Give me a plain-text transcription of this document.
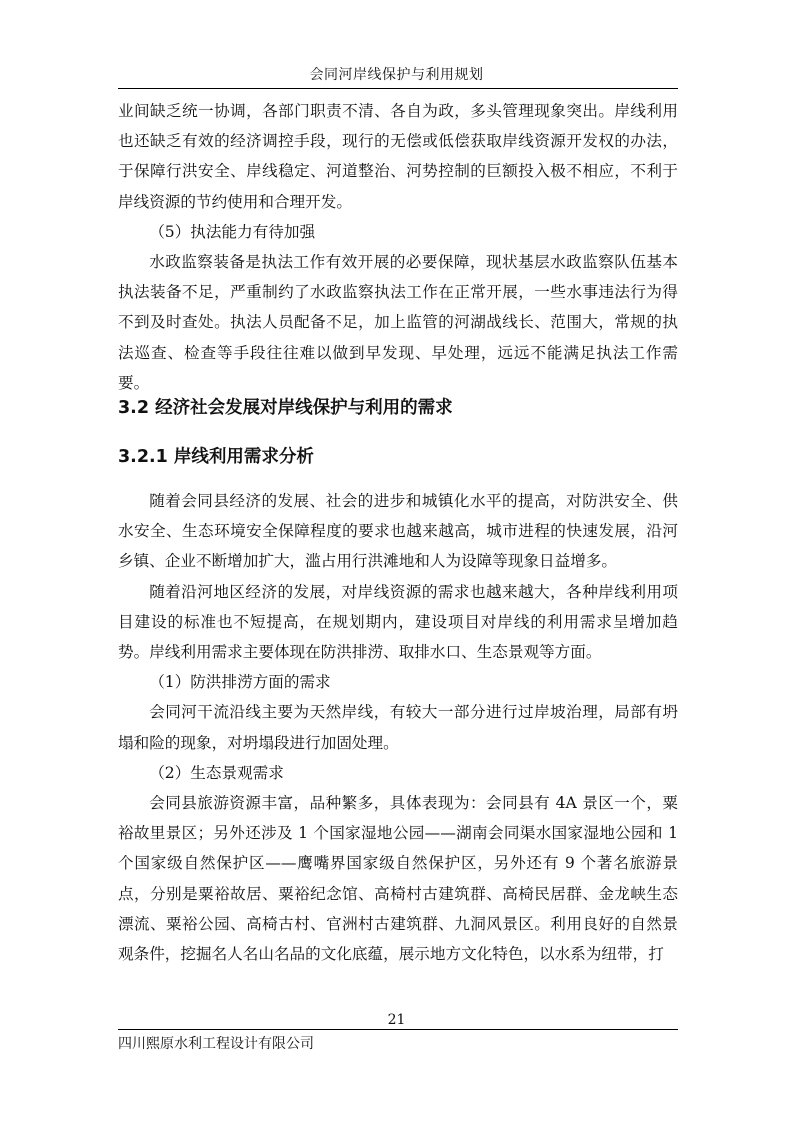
会同河岸线保护与利用规划

业间缺乏统一协调，各部门职责不清、各自为政，多头管理现象突出。岸线利用也还缺乏有效的经济调控手段，现行的无偿或低偿获取岸线资源开发权的办法，于保障行洪安全、岸线稳定、河道整治、河势控制的巨额投入极不相应，不利于岸线资源的节约使用和合理开发。

（5）执法能力有待加强

水政监察装备是执法工作有效开展的必要保障，现状基层水政监察队伍基本执法装备不足，严重制约了水政监察执法工作在正常开展，一些水事违法行为得不到及时查处。执法人员配备不足，加上监管的河湖战线长、范围大，常规的执法巡查、检查等手段往往难以做到早发现、早处理，远远不能满足执法工作需要。

3.2 经济社会发展对岸线保护与利用的需求
3.2.1 岸线利用需求分析

随着会同县经济的发展、社会的进步和城镇化水平的提高，对防洪安全、供水安全、生态环境安全保障程度的要求也越来越高，城市进程的快速发展，沿河乡镇、企业不断增加扩大，滥占用行洪滩地和人为设障等现象日益增多。

随着沿河地区经济的发展，对岸线资源的需求也越来越大，各种岸线利用项目建设的标准也不短提高，在规划期内，建设项目对岸线的利用需求呈增加趋势。岸线利用需求主要体现在防洪排涝、取排水口、生态景观等方面。

（1）防洪排涝方面的需求

会同河干流沿线主要为天然岸线，有较大一部分进行过岸坡治理，局部有坍塌和险的现象，对坍塌段进行加固处理。

（2）生态景观需求

会同县旅游资源丰富，品种繁多，具体表现为：会同县有 4A 景区一个，粟裕故里景区；另外还涉及 1 个国家湿地公园——湖南会同渠水国家湿地公园和 1 个国家级自然保护区——鹰嘴界国家级自然保护区，另外还有 9 个著名旅游景点，分别是粟裕故居、粟裕纪念馆、高椅村古建筑群、高椅民居群、金龙峡生态漂流、粟裕公园、高椅古村、官洲村古建筑群、九洞风景区。利用良好的自然景观条件，挖掘名人名山名品的文化底蕴，展示地方文化特色，以水系为纽带，打

21
四川熙原水利工程设计有限公司
